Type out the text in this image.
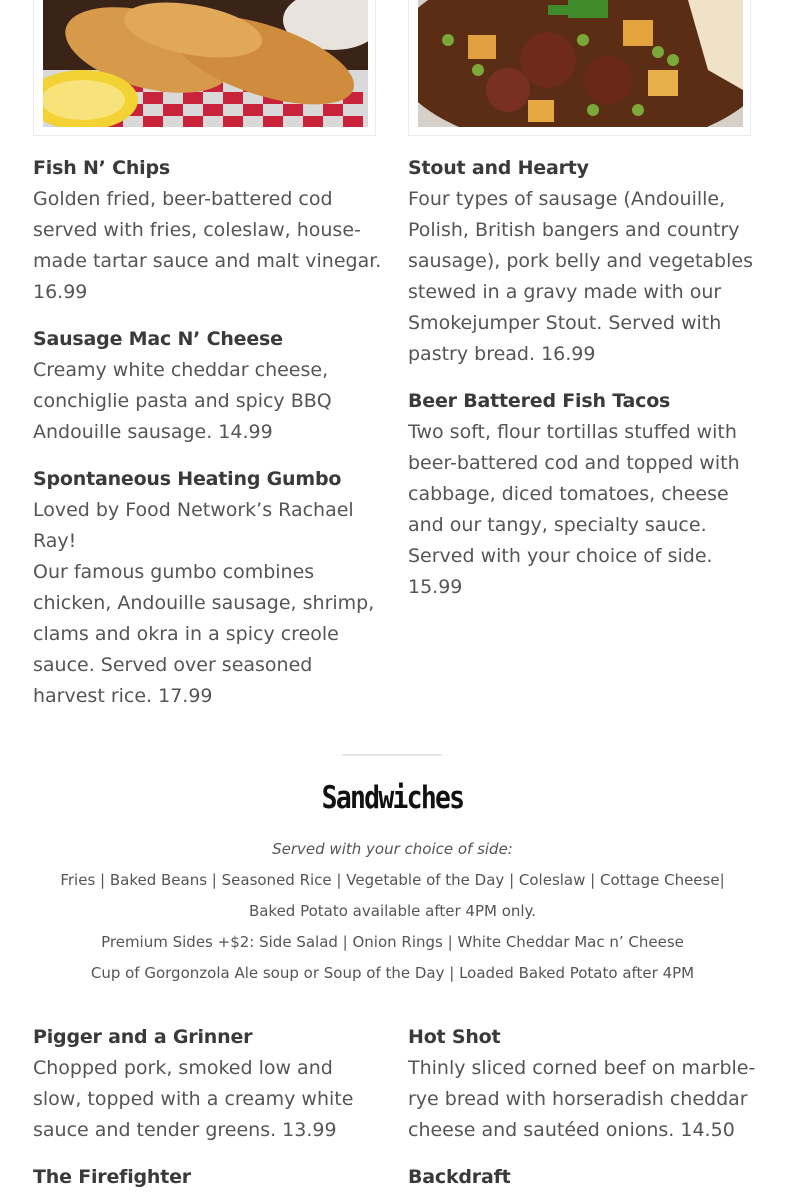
Fish N’ Chips
Golden fried, beer-battered cod served with fries, coleslaw, house-made tartar sauce and malt vinegar. 16.99
Sausage Mac N’ Cheese
Creamy white cheddar cheese, conchiglie pasta and spicy BBQ Andouille sausage. 14.99
Spontaneous Heating Gumbo
Loved by Food Network’s Rachael Ray!
Our famous gumbo combines chicken, Andouille sausage, shrimp, clams and okra in a spicy creole sauce. Served over seasoned harvest rice. 17.99
Stout and Hearty
Four types of sausage (Andouille, Polish, British bangers and country sausage), pork belly and vegetables stewed in a gravy made with our Smokejumper Stout. Served with pastry bread. 16.99
Beer Battered Fish Tacos
Two soft, flour tortillas stuffed with beer-battered cod and topped with cabbage, diced tomatoes, cheese and our tangy, specialty sauce. Served with your choice of side. 15.99
Sandwiches

Served with your choice of side:

Fries | Baked Beans | Seasoned Rice | Vegetable of the Day | Coleslaw | Cottage Cheese|

Baked Potato available after 4PM only.

Premium Sides +$2: Side Salad | Onion Rings | White Cheddar Mac n’ Cheese

Cup of Gorgonzola Ale soup or Soup of the Day | Loaded Baked Potato after 4PM

Pigger and a Grinner
Chopped pork, smoked low and slow, topped with a creamy white sauce and tender greens. 13.99
The Firefighter
Hot Shot
Thinly sliced corned beef on marble-rye bread with horseradish cheddar cheese and sautéed onions. 14.50
Backdraft
